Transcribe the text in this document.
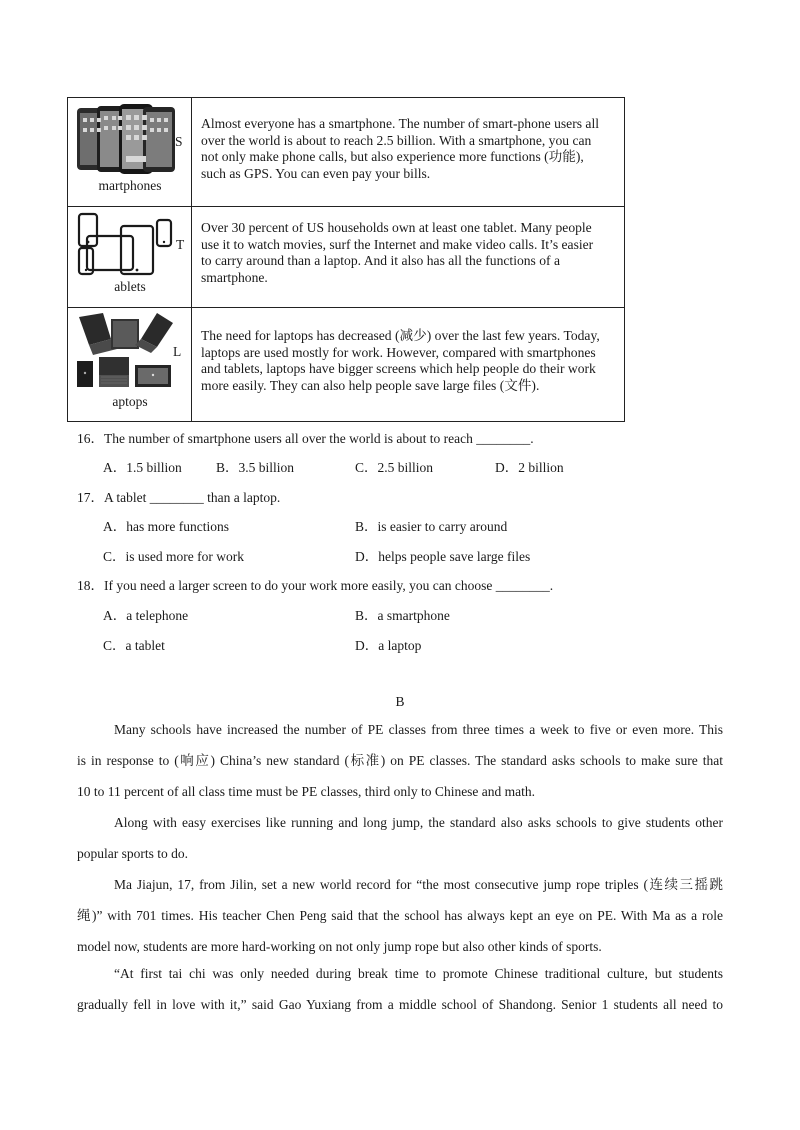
S
martphones
Almost everyone has a smartphone. The number of smart-phone users all
over the world is about to reach 2.5 billion. With a smartphone, you can
not only make phone calls, but also experience more functions (功能),
such as GPS. You can even pay your bills.
T
ablets
Over 30 percent of US households own at least one tablet. Many people
use it to watch movies, surf the Internet and make video calls. It’s easier
to carry around than a laptop. And it also has all the functions of a
smartphone.
L
aptops
The need for laptops has decreased (减少) over the last few years. Today,
laptops are used mostly for work. However, compared with smartphones
and tablets, laptops have bigger screens which help people do their work
more easily. They can also help people save large files (文件).
16．The number of smartphone users all over the world is about to reach ________.
A．1.5 billion	B．3.5 billion	C．2.5 billion	D．2 billion
17．A tablet ________ than a laptop.
A．has more functions	B．is easier to carry around
C．is used more for work	D．helps people save large files
18．If you need a larger screen to do your work more easily, you can choose ________.
A．a telephone	B．a smartphone
C．a tablet	D．a laptop
B
Many schools have increased the number of PE classes from three times a week to five or even more. This
is in response to (响应) China’s new standard (标准) on PE classes. The standard asks schools to make sure that
10 to 11 percent of all class time must be PE classes, third only to Chinese and math.
Along with easy exercises like running and long jump, the standard also asks schools to give students other
popular sports to do.
Ma Jiajun, 17, from Jilin, set a new world record for “the most consecutive jump rope triples (连续三摇跳
绳)” with 701 times. His teacher Chen Peng said that the school has always kept an eye on PE. With Ma as a role
model now, students are more hard-working on not only jump rope but also other kinds of sports.
“At first tai chi was only needed during break time to promote Chinese traditional culture, but students
gradually fell in love with it,” said Gao Yuxiang from a middle school of Shandong. Senior 1 students all need to
